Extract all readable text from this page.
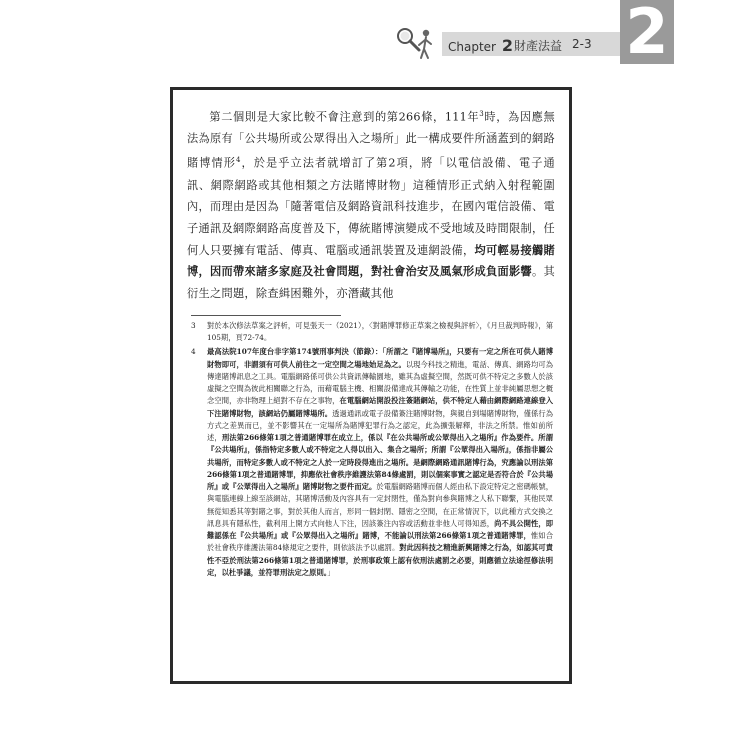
Chapter 2 財產法益 2-3 2

第二個則是大家比較不會注意到的第266條，111年$^3$時，為因應無法為原有「公共場所或公眾得出入之場所」此一構成要件所涵蓋到的網路賭博情形$^4$，於是乎立法者就增訂了第2項，將「以電信設備、電子通訊、網際網路或其他相類之方法賭博財物」這種情形正式納入射程範圍內，而理由是因為「隨著電信及網路資訊科技進步，在國內電信設備、電子通訊及網際網路高度普及下，傳統賭博演變成不受地域及時間限制，任何人只要擁有電話、傳真、電腦或通訊裝置及連網設備，均可輕易接觸賭博，因而帶來諸多家庭及社會問題，對社會治安及風氣形成負面影響。其衍生之問題，除查緝困難外，亦潛藏其他

3	對於本次修法草案之評析，可見張天一（2021），〈對賭博罪修正草案之檢視與評析〉，《月旦裁判時報》，第105期，頁72-74。
4	最高法院107年度台非字第174號刑事判決（節錄）：「所謂之『賭博場所』，只要有一定之所在可供人賭博財物即可，非謂須有可供人前往之一定空間之場地始足為之。以現今科技之精進，電話、傳真、網路均可為傳達賭博訊息之工具。電腦網路係可供公共資訊傳輸園地，雖其為虛擬空間，然既可供不特定之多數人於該虛擬之空間為彼此相關聯之行為，而藉電腦主機、相關設備達成其傳輸之功能，在性質上並非純屬思想之概念空間，亦非物理上絕對不存在之事物，在電腦網站開設投注簽賭網站，供不特定人藉由網際網路連線登入下注賭博財物，該網站仍屬賭博場所。透過通訊或電子設備簽注賭博財物，與親自到場賭博財物，僅係行為方式之差異而已，並不影響其在一定場所為賭博犯罪行為之認定，此為擴張解釋，非法之所禁。惟如前所述，刑法第266條第1項之普通賭博罪在成立上，係以『在公共場所或公眾得出入之場所』作為要件。所謂『公共場所』，係指特定多數人或不特定之人得以出入、集合之場所；所謂『公眾得出入場所』，係指非屬公共場所，而特定多數人或不特定之人於一定時段得進出之場所。是網際網路通訊賭博行為，究應論以刑法第266條第1項之普通賭博罪，抑應依社會秩序維護法第84條處罰，則以個案事實之認定是否符合於『公共場所』或『公眾得出入之場所』賭博財物之要件而定。於電腦網路賭博而個人經由私下設定特定之密碼帳號，與電腦連線上線至該網站，其賭博活動及內容具有一定封閉性，僅為對向參與賭博之人私下聯繫，其他民眾無從知悉其等對賭之事，對於其他人而言，形同一個封閉、隱密之空間，在正常情況下，以此種方式交換之訊息具有隱私性，截利用上開方式向他人下注，因該簽注內容或活動並非他人可得知悉，尚不具公開性，即難認係在『公共場所』或『公眾得出入之場所』賭博，不能論以刑法第266條第1項之普通賭博罪，惟如合於社會秩序維護法第84條規定之要件，則依該法予以處罰。對此因科技之精進新興賭博之行為，如認其可責性不亞於刑法第266條第1項之普通賭博罪，於刑事政策上認有依刑法處罰之必要，則應循立法途徑修法明定，以杜爭議，並符罪刑法定之原則。」
